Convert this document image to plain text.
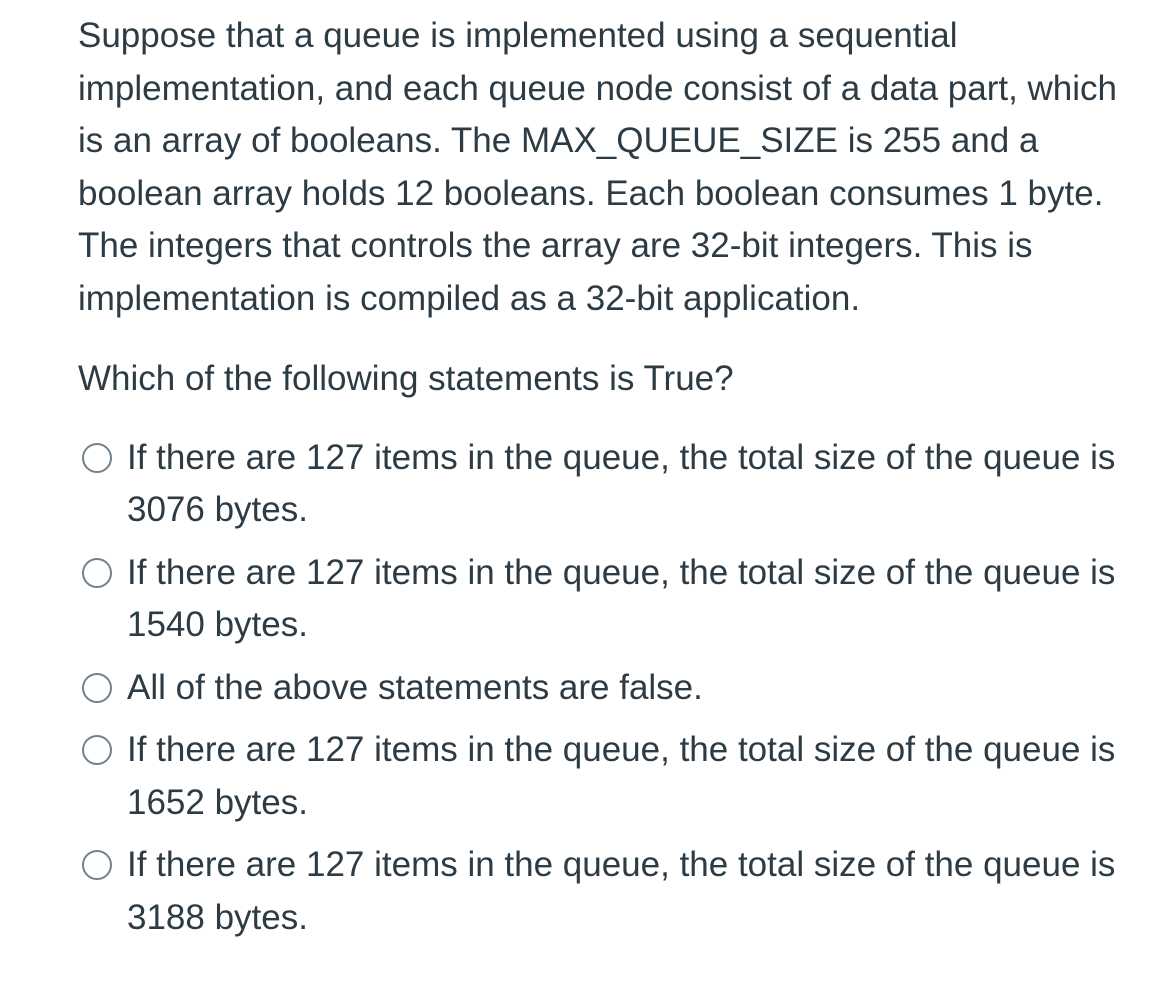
Suppose that a queue is implemented using a sequential implementation, and each queue node consist of a data part, which is an array of booleans. The MAX_QUEUE_SIZE is 255 and a boolean array holds 12 booleans. Each boolean consumes 1 byte. The integers that controls the array are 32-bit integers. This is implementation is compiled as a 32-bit application.

Which of the following statements is True?

If there are 127 items in the queue, the total size of the queue is 3076 bytes.
If there are 127 items in the queue, the total size of the queue is 1540 bytes.
All of the above statements are false.
If there are 127 items in the queue, the total size of the queue is 1652 bytes.
If there are 127 items in the queue, the total size of the queue is 3188 bytes.
